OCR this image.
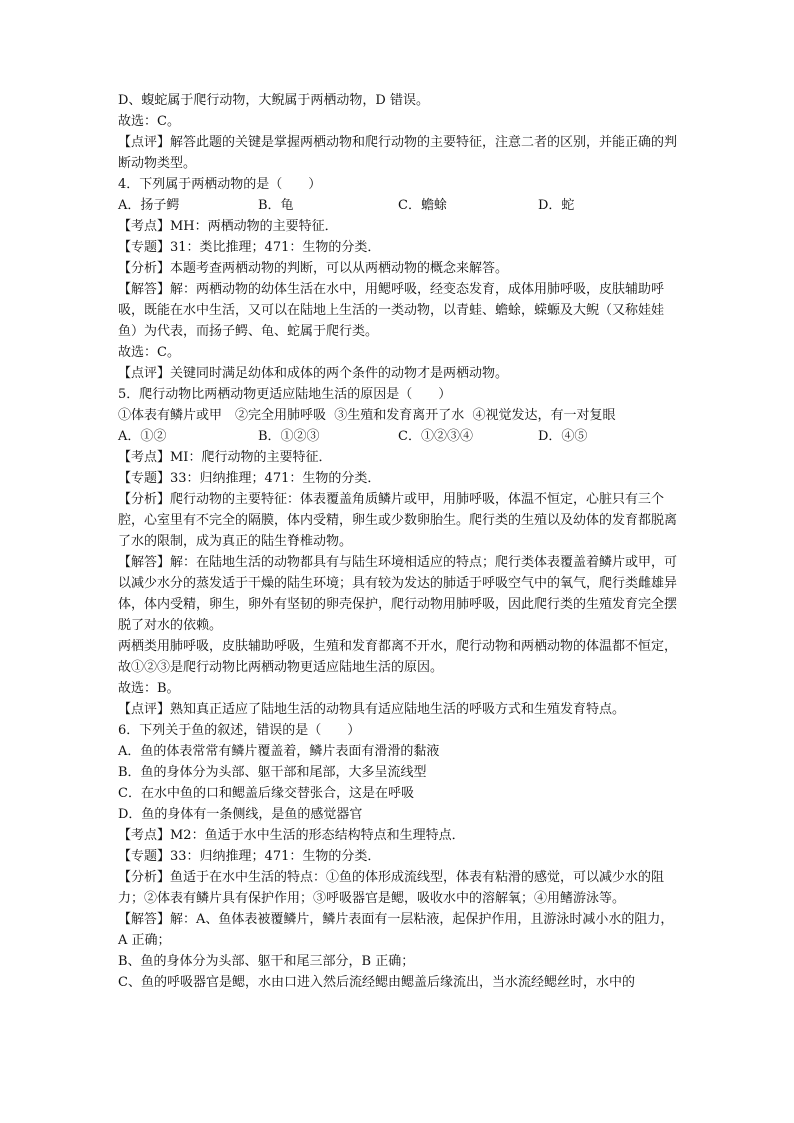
D、蝮蛇属于爬行动物，大鲵属于两栖动物，D 错误。

故选：C。

【点评】解答此题的关键是掌握两栖动物和爬行动物的主要特征，注意二者的区别，并能正确的判断动物类型。

4．下列属于两栖动物的是（　　）

A．扬子鳄	B．龟	C．蟾蜍	D．蛇

【考点】MH：两栖动物的主要特征．

【专题】31：类比推理；471：生物的分类．

【分析】本题考查两栖动物的判断，可以从两栖动物的概念来解答。

【解答】解：两栖动物的幼体生活在水中，用鳃呼吸，经变态发育，成体用肺呼吸，皮肤辅助呼吸，既能在水中生活，又可以在陆地上生活的一类动物，以青蛙、蟾蜍，蝾螈及大鲵（又称娃娃鱼）为代表，而扬子鳄、龟、蛇属于爬行类。

故选：C。

【点评】关键同时满足幼体和成体的两个条件的动物才是两栖动物。

5．爬行动物比两栖动物更适应陆地生活的原因是（　　）

①体表有鳞片或甲　②完全用肺呼吸  ③生殖和发育离开了水  ④视觉发达，有一对复眼

A．①②	B．①②③	C．①②③④	D．④⑤

【考点】MI：爬行动物的主要特征．

【专题】33：归纳推理；471：生物的分类．

【分析】爬行动物的主要特征：体表覆盖角质鳞片或甲，用肺呼吸，体温不恒定，心脏只有三个腔，心室里有不完全的隔膜，体内受精，卵生或少数卵胎生。爬行类的生殖以及幼体的发育都脱离了水的限制，成为真正的陆生脊椎动物。

【解答】解：在陆地生活的动物都具有与陆生环境相适应的特点；爬行类体表覆盖着鳞片或甲，可以减少水分的蒸发适于干燥的陆生环境；具有较为发达的肺适于呼吸空气中的氧气，爬行类雌雄异体，体内受精，卵生，卵外有坚韧的卵壳保护，爬行动物用肺呼吸，因此爬行类的生殖发育完全摆脱了对水的依赖。

两栖类用肺呼吸，皮肤辅助呼吸，生殖和发育都离不开水，爬行动物和两栖动物的体温都不恒定，故①②③是爬行动物比两栖动物更适应陆地生活的原因。

故选：B。

【点评】熟知真正适应了陆地生活的动物具有适应陆地生活的呼吸方式和生殖发育特点。

6．下列关于鱼的叙述，错误的是（　　）

A．鱼的体表常常有鳞片覆盖着，鳞片表面有滑滑的黏液

B．鱼的身体分为头部、躯干部和尾部，大多呈流线型

C．在水中鱼的口和鳃盖后缘交替张合，这是在呼吸

D．鱼的身体有一条侧线，是鱼的感觉器官

【考点】M2：鱼适于水中生活的形态结构特点和生理特点．

【专题】33：归纳推理；471：生物的分类．

【分析】鱼适于在水中生活的特点：①鱼的体形成流线型，体表有粘滑的感觉，可以减少水的阻力；②体表有鳞片具有保护作用；③呼吸器官是鳃，吸收水中的溶解氧；④用鳍游泳等。

【解答】解：A、鱼体表被覆鳞片，鳞片表面有一层粘液，起保护作用，且游泳时减小水的阻力，A 正确；

B、鱼的身体分为头部、躯干和尾三部分，B 正确；

C、鱼的呼吸器官是鳃，水由口进入然后流经鳃由鳃盖后缘流出，当水流经鳃丝时，水中的
